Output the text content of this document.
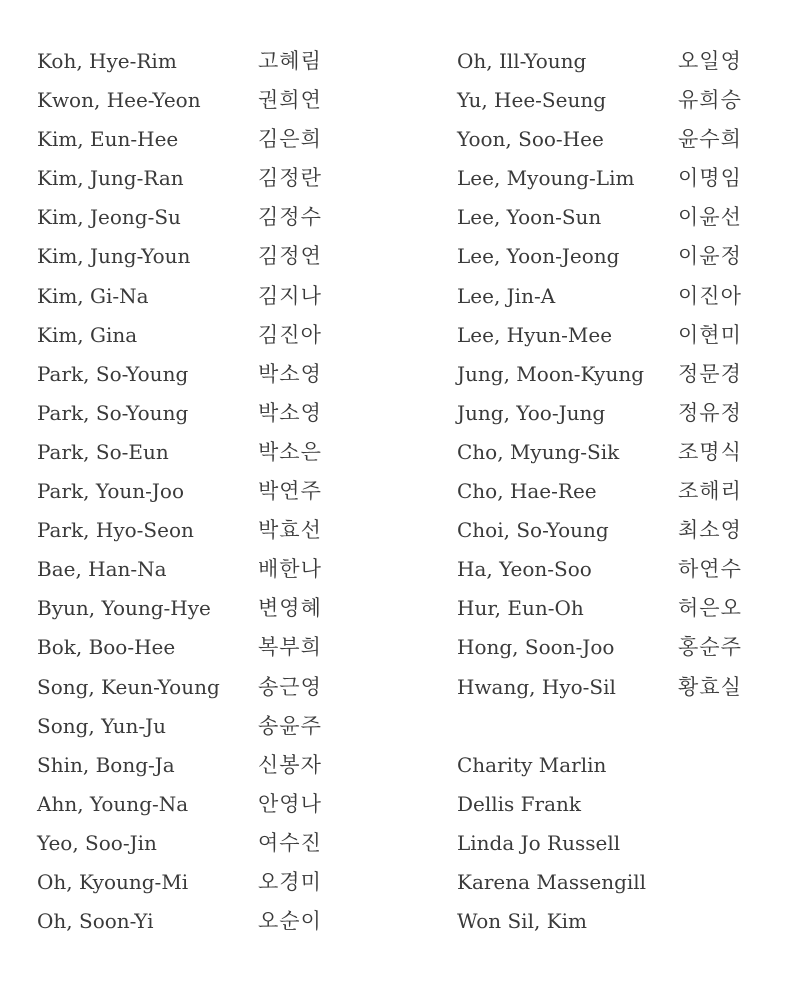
Koh, Hye-Rim	고혜림
Kwon, Hee-Yeon	권희연
Kim, Eun-Hee	김은희
Kim, Jung-Ran	김정란
Kim, Jeong-Su	김정수
Kim, Jung-Youn	김정연
Kim, Gi-Na	김지나
Kim, Gina	김진아
Park, So-Young	박소영
Park, So-Young	박소영
Park, So-Eun	박소은
Park, Youn-Joo	박연주
Park, Hyo-Seon	박효선
Bae, Han-Na	배한나
Byun, Young-Hye 변영혜
Bok, Boo-Hee	복부희
Song, Keun-Young 송근영
Song, Yun-Ju	송윤주
Shin, Bong-Ja	신봉자
Ahn, Young-Na	안영나
Yeo, Soo-Jin	여수진
Oh, Kyoung-Mi	오경미
Oh, Soon-Yi	오순이
Oh, Ill-Young	오일영
Yu, Hee-Seung	유희승
Yoon, Soo-Hee	윤수희
Lee, Myoung-Lim 이명임
Lee, Yoon-Sun	이윤선
Lee, Yoon-Jeong	이윤정
Lee, Jin-A	이진아
Lee, Hyun-Mee	이현미
Jung, Moon-Kyung 정문경
Jung, Yoo-Jung	정유정
Cho, Myung-Sik	조명식
Cho, Hae-Ree	조해리
Choi, So-Young	최소영
Ha, Yeon-Soo	하연수
Hur, Eun-Oh	허은오
Hong, Soon-Joo	홍순주
Hwang, Hyo-Sil	황효실
Charity Marlin
Dellis Frank
Linda Jo Russell
Karena Massengill
Won Sil, Kim
